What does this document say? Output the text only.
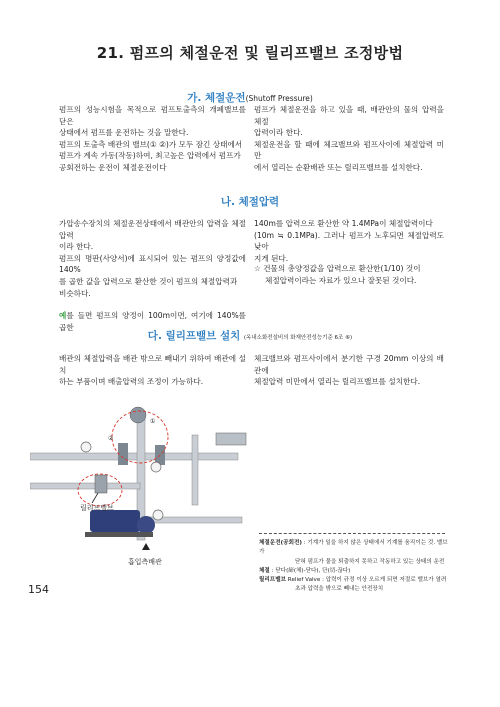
21. 펌프의 체절운전 및 릴리프밸브 조정방법
가. 체절운전(Shutoff Pressure)
펌프의 성능시험을 목적으로 펌프토출측의 개폐밸브를 닫은
상태에서 펌프를 운전하는 것을 말한다.
펌프의 토출측 배관의 밸브(① ②)가 모두 잠긴 상태에서
펌프가 계속 가동(작동)하여, 최고높은 압력에서 펌프가
공회전하는 운전이 체절운전이다
펌프가 체절운전을 하고 있을 때, 배관안의 물의 압력을 체절
압력이라 한다.
체절운전을 할 때에 체크밸브와 펌프사이에 체절압력 미만
에서 열리는 순환배관 또는 릴리프밸브를 설치한다.
나. 체절압력
가압송수장치의 체절운전상태에서 배관안의 압력을 체절압력
이라 한다.
펌프의 명판(사양서)에 표시되어 있는 펌프의 양정값에 140%
를 곱한 값을 압력으로 환산한 것이 펌프의 체절압력과
비슷하다.
예를 들면 펌프의 양정이 100m이면, 여기에 140%를 곱한
140m를 압력으로 환산한 약 1.4MPa이 체절압력이다
(10m ≒ 0.1MPa). 그러나 펌프가 노후되면 체절압력도 낮아
지게 된다.
☆ 건물의 총양정값을 압력으로 환산한(1/10) 것이
체절압력이라는 자료가 있으나 잘못된 것이다.
다. 릴리프밸브 설치 (옥내소화전설비의 화재안전성능기준 6조 ⑥)
배관의 체절압력을 배관 밖으로 빼내기 위하여 배관에 설치
하는 부품이며 배출압력의 조정이 가능하다.
체크밸브와 펌프사이에서 분기한 구경 20mm 이상의 배관에
체절압력 미만에서 열리는 릴리프밸브를 설치한다.
①
②
릴리프밸브
흡입측배관
체절운전(공회전) : 기계가 일을 하지 않은 상태에서 기계를 움직이는 것. 밸브가
닫혀 펌프가 물을 퇴출하지 못하고 작동하고 있는 상태의 운전
체절 : 닫다(締(체)-닫다), 단(切-끊다)
릴리프밸브 Relief Valve : 압력이 규정 이상 오르게 되면 저절로 밸브가 열려
초과 압력을 밖으로 빼내는 안전장치
154
